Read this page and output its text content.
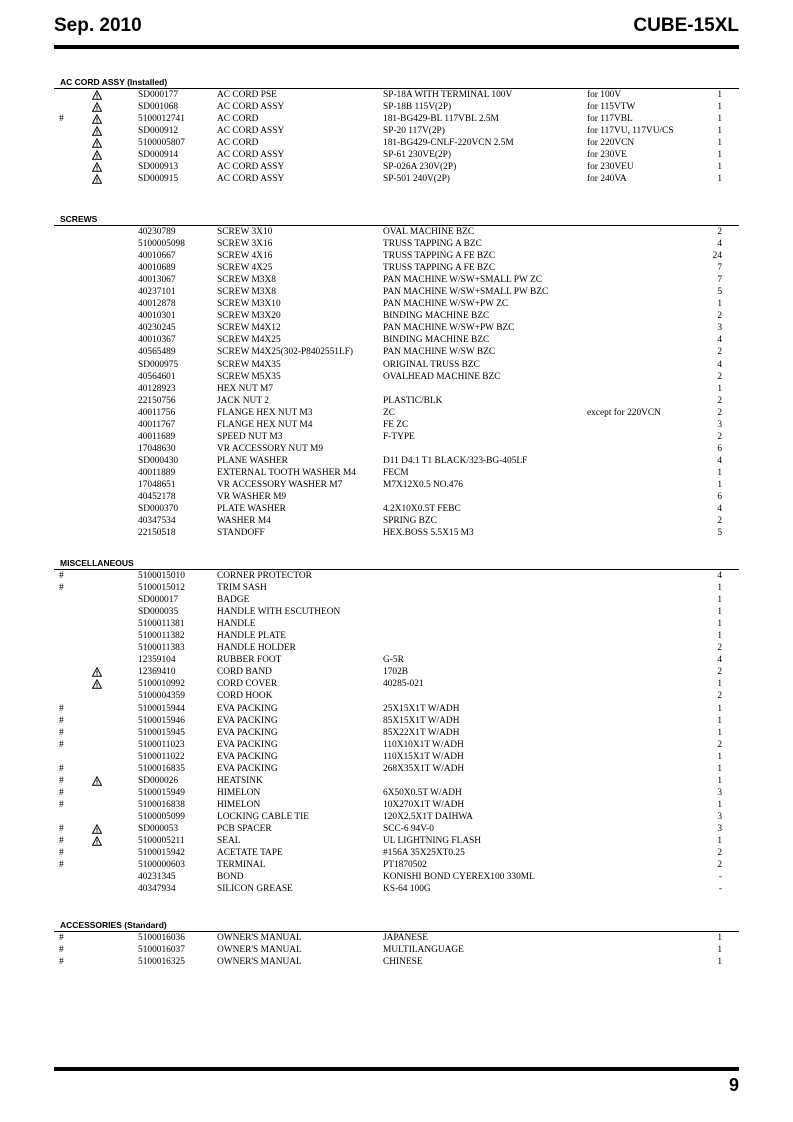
Sep. 2010	CUBE-15XL
AC CORD ASSY (Installed)
SD000177	AC CORD PSE	SP-18A WITH TERMINAL 100V	for 100V	1
SD001068	AC CORD ASSY	SP-18B 115V(2P)	for 115VTW	1
#	5100012741	AC CORD	181-BG429-BL 117VBL 2.5M	for 117VBL	1
SD000912	AC CORD ASSY	SP-20 117V(2P)	for 117VU, 117VU/CS	1
5100005807	AC CORD	181-BG429-CNLF-220VCN 2.5M	for 220VCN	1
SD000914	AC CORD ASSY	SP-61 230VE(2P)	for 230VE	1
SD000913	AC CORD ASSY	SP-026A 230V(2P)	for 230VEU	1
SD000915	AC CORD ASSY	SP-501 240V(2P)	for 240VA	1
SCREWS
40230789	SCREW 3X10	OVAL MACHINE BZC	2
5100005098	SCREW 3X16	TRUSS TAPPING A BZC	4
40010667	SCREW 4X16	TRUSS TAPPING A FE BZC	24
40010689	SCREW 4X25	TRUSS TAPPING A FE BZC	7
40013067	SCREW M3X8	PAN MACHINE W/SW+SMALL PW ZC	7
40237101	SCREW M3X8	PAN MACHINE W/SW+SMALL PW BZC	5
40012878	SCREW M3X10	PAN MACHINE W/SW+PW ZC	1
40010301	SCREW M3X20	BINDING MACHINE BZC	2
40230245	SCREW M4X12	PAN MACHINE W/SW+PW BZC	3
40010367	SCREW M4X25	BINDING MACHINE BZC	4
40565489	SCREW M4X25(302-P8402551LF)	PAN MACHINE W/SW BZC	2
SD000975	SCREW M4X35	ORIGINAL TRUSS BZC	4
40564601	SCREW M5X35	OVALHEAD MACHINE BZC	2
40128923	HEX NUT M7	1
22150756	JACK NUT 2	PLASTIC/BLK	2
40011756	FLANGE HEX NUT M3	ZC	except for 220VCN	2
40011767	FLANGE HEX NUT M4	FE ZC	3
40011689	SPEED NUT M3	F-TYPE	2
17048630	VR ACCESSORY NUT M9	6
SD000430	PLANE WASHER	D11 D4.1 T1 BLACK/323-BG-405LF	4
40011889	EXTERNAL TOOTH WASHER M4	FECM	1
17048651	VR ACCESSORY WASHER M7	M7X12X0.5 NO.476	1
40452178	VR WASHER M9	6
SD000370	PLATE WASHER	4.2X10X0.5T FEBC	4
40347534	WASHER M4	SPRING BZC	2
22150518	STANDOFF	HEX.BOSS 5.5X15 M3	5
MISCELLANEOUS
#	5100015010	CORNER PROTECTOR	4
#	5100015012	TRIM SASH	1
SD000017	BADGE	1
SD000035	HANDLE WITH ESCUTHEON	1
5100011381	HANDLE	1
5100011382	HANDLE PLATE	1
5100011383	HANDLE HOLDER	2
12359104	RUBBER FOOT	G-5R	4
12369410	CORD BAND	1702B	2
5100010992	CORD COVER	40285-021	1
5100004359	CORD HOOK	2
#	5100015944	EVA PACKING	25X15X1T W/ADH	1
#	5100015946	EVA PACKING	85X15X1T W/ADH	1
#	5100015945	EVA PACKING	85X22X1T W/ADH	1
#	5100011023	EVA PACKING	110X10X1T W/ADH	2
5100011022	EVA PACKING	110X15X1T W/ADH	1
#	5100016835	EVA PACKING	268X35X1T W/ADH	1
#	SD000026	HEATSINK	1
#	5100015949	HIMELON	6X50X0.5T W/ADH	3
#	5100016838	HIMELON	10X270X1T W/ADH	1
5100005099	LOCKING CABLE TIE	120X2.5X1T DAIHWA	3
#	SD000053	PCB SPACER	SCC-6 94V-0	3
#	5100005211	SEAL	UL LIGHTNING FLASH	1
#	5100015942	ACETATE TAPE	#156A 35X25XT0.25	2
#	5100000603	TERMINAL	PT1870502	2
40231345	BOND	KONISHI BOND CYEREX100 330ML	-
40347934	SILICON GREASE	KS-64 100G	-
ACCESSORIES (Standard)
#	5100016036	OWNER'S MANUAL	JAPANESE	1
#	5100016037	OWNER'S MANUAL	MULTILANGUAGE	1
#	5100016325	OWNER'S MANUAL	CHINESE	1
9
